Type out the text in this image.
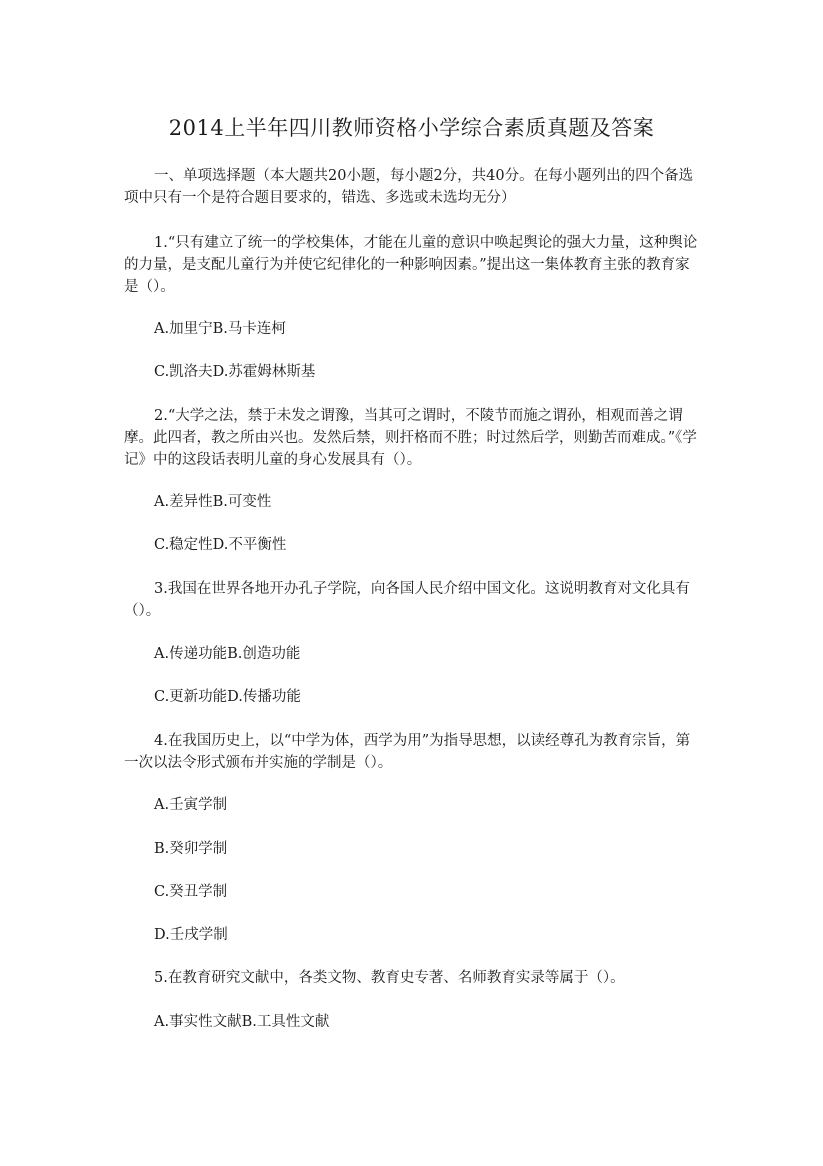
2014上半年四川教师资格小学综合素质真题及答案

一、单项选择题（本大题共20小题，每小题2分，共40分。在每小题列出的四个备选项中只有一个是符合题目要求的，错选、多选或未选均无分）

1.“只有建立了统一的学校集体，才能在儿童的意识中唤起舆论的强大力量，这种舆论的力量，是支配儿童行为并使它纪律化的一种影响因素。”提出这一集体教育主张的教育家是（）。

A.加里宁B.马卡连柯

C.凯洛夫D.苏霍姆林斯基

2.“大学之法，禁于未发之谓豫，当其可之谓时，不陵节而施之谓孙，相观而善之谓摩。此四者，教之所由兴也。发然后禁，则扞格而不胜；时过然后学，则勤苦而难成。”《学记》中的这段话表明儿童的身心发展具有（）。

A.差异性B.可变性

C.稳定性D.不平衡性

3.我国在世界各地开办孔子学院，向各国人民介绍中国文化。这说明教育对文化具有（）。

A.传递功能B.创造功能

C.更新功能D.传播功能

4.在我国历史上，以“中学为体，西学为用”为指导思想，以读经尊孔为教育宗旨，第一次以法令形式颁布并实施的学制是（）。

A.壬寅学制

B.癸卯学制

C.癸丑学制

D.壬戌学制

5.在教育研究文献中，各类文物、教育史专著、名师教育实录等属于（）。

A.事实性文献B.工具性文献
